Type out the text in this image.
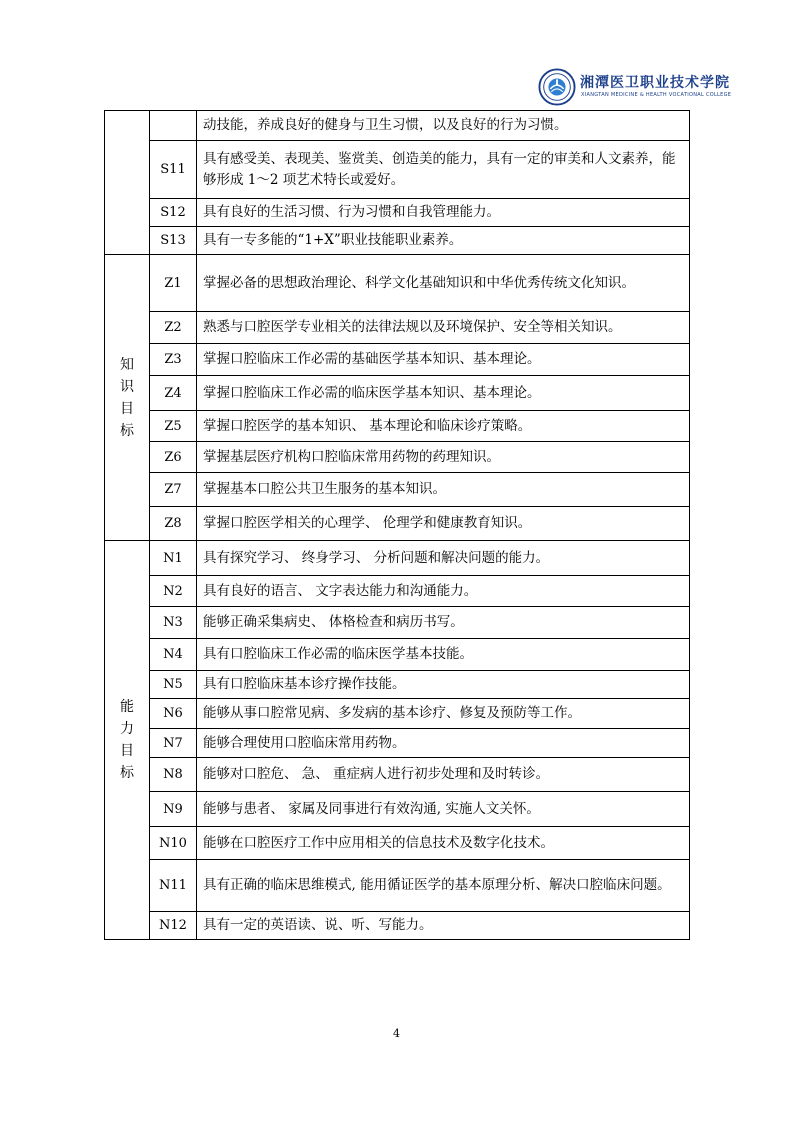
湘潭医卫职业技术学院
XIANGTAN MEDICINE & HEALTH VOCATIONAL COLLEGE
		动技能，养成良好的健身与卫生习惯，以及良好的行为习惯。
	S11	具有感受美、表现美、鉴赏美、创造美的能力，具有一定的审美和人文素养，能够形成 1～2 项艺术特长或爱好。
	S12	具有良好的生活习惯、行为习惯和自我管理能力。
	S13	具有一专多能的“1+X”职业技能职业素养。

知
识
目
标	Z1	掌握必备的思想政治理论、科学文化基础知识和中华优秀传统文化知识。
	Z2	熟悉与口腔医学专业相关的法律法规以及环境保护、安全等相关知识。
	Z3	掌握口腔临床工作必需的基础医学基本知识、基本理论。
	Z4	掌握口腔临床工作必需的临床医学基本知识、基本理论。
	Z5	掌握口腔医学的基本知识、 基本理论和临床诊疗策略。
	Z6	掌握基层医疗机构口腔临床常用药物的药理知识。
	Z7	掌握基本口腔公共卫生服务的基本知识。
	Z8	掌握口腔医学相关的心理学、 伦理学和健康教育知识。

能
力
目
标	N1	具有探究学习、 终身学习、 分析问题和解决问题的能力。
	N2	具有良好的语言、 文字表达能力和沟通能力。
	N3	能够正确采集病史、 体格检查和病历书写。
	N4	具有口腔临床工作必需的临床医学基本技能。
	N5	具有口腔临床基本诊疗操作技能。
	N6	能够从事口腔常见病、多发病的基本诊疗、修复及预防等工作。
	N7	能够合理使用口腔临床常用药物。
	N8	能够对口腔危、 急、 重症病人进行初步处理和及时转诊。
	N9	能够与患者、 家属及同事进行有效沟通, 实施人文关怀。
	N10	能够在口腔医疗工作中应用相关的信息技术及数字化技术。
	N11	具有正确的临床思维模式, 能用循证医学的基本原理分析、解决口腔临床问题。
	N12	具有一定的英语读、说、听、写能力。
4
